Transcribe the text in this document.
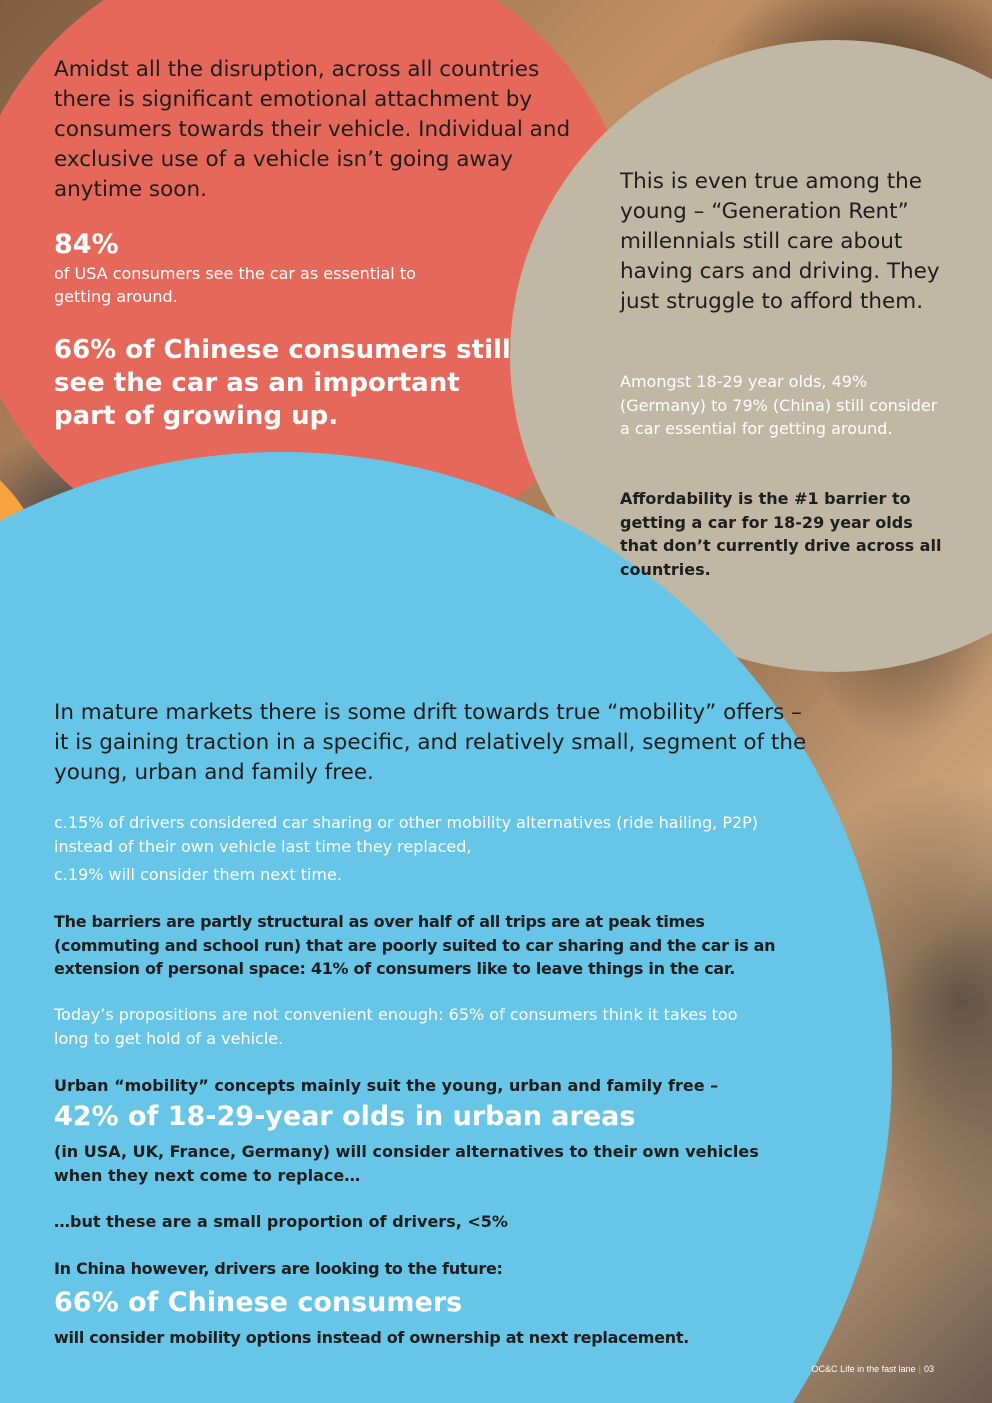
Amidst all the disruption, across all countries there is significant emotional attachment by consumers towards their vehicle. Individual and exclusive use of a vehicle isn’t going away anytime soon.

84%

of USA consumers see the car as essential to getting around.

66% of Chinese consumers still see the car as an important part of growing up.

This is even true among the young – “Generation Rent” millennials still care about having cars and driving. They just struggle to afford them.

Amongst 18-29 year olds, 49% (Germany) to 79% (China) still consider a car essential for getting around.

Affordability is the #1 barrier to getting a car for 18-29 year olds that don’t currently drive across all countries.

In mature markets there is some drift towards true “mobility” offers – it is gaining traction in a specific, and relatively small, segment of the young, urban and family free.

c.15% of drivers considered car sharing or other mobility alternatives (ride hailing, P2P) instead of their own vehicle last time they replaced,

c.19% will consider them next time.

The barriers are partly structural as over half of all trips are at peak times (commuting and school run) that are poorly suited to car sharing and the car is an extension of personal space: 41% of consumers like to leave things in the car.

Today’s propositions are not convenient enough: 65% of consumers think it takes too long to get hold of a vehicle.

Urban “mobility” concepts mainly suit the young, urban and family free –

42% of 18-29-year olds in urban areas

(in USA, UK, France, Germany) will consider alternatives to their own vehicles when they next come to replace…

…but these are a small proportion of drivers, <5%

In China however, drivers are looking to the future:

66% of Chinese consumers

will consider mobility options instead of ownership at next replacement.

OC&C Life in the fast lane | 03
